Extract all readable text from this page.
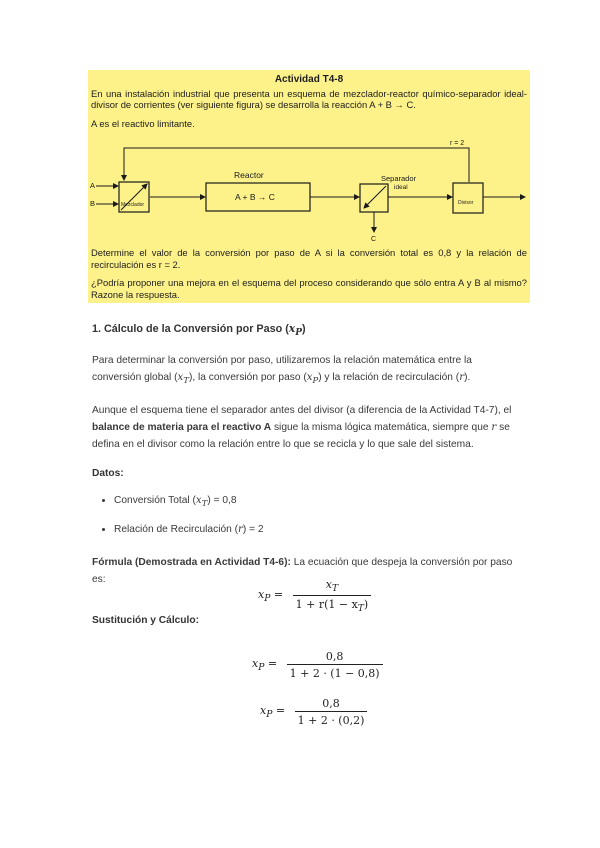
Actividad T4-8

En una instalación industrial que presenta un esquema de mezclador-reactor químico-separador ideal-divisor de corrientes (ver siguiente figura) se desarrolla la reacción A + B → C.

A es el reactivo limitante.

r = 2
A
B	Mezclador
Reactor
A + B → C
Separador
ideal
Divisor
C

Determine el valor de la conversión por paso de A si la conversión total es 0,8 y la relación de recirculación es r = 2.

¿Podría proponer una mejora en el esquema del proceso considerando que sólo entra A y B al mismo? Razone la respuesta.

1. Cálculo de la Conversión por Paso $(x_P)$

Para determinar la conversión por paso, utilizaremos la relación matemática entre la conversión global $(x_T)$, la conversión por paso $(x_P)$ y la relación de recirculación (r).

Aunque el esquema tiene el separador antes del divisor (a diferencia de la Actividad T4-7), el balance de materia para el reactivo A sigue la misma lógica matemática, siempre que r se defina en el divisor como la relación entre lo que se recicla y lo que sale del sistema.

Datos:
• Conversión Total $(x_T) = 0,8$
• Relación de Recirculación (r) = 2

Fórmula (Demostrada en Actividad T4-6): La ecuación que despeja la conversión por paso es:

$x_P = \frac{x_T}{1 + r(1 - x_T)}$
Sustitución y Cálculo:
$x_P = \frac{0,8}{1 + 2 \cdot (1 - 0,8)}$
$x_P = \frac{0,8}{1 + 2 \cdot (0,2)}$
